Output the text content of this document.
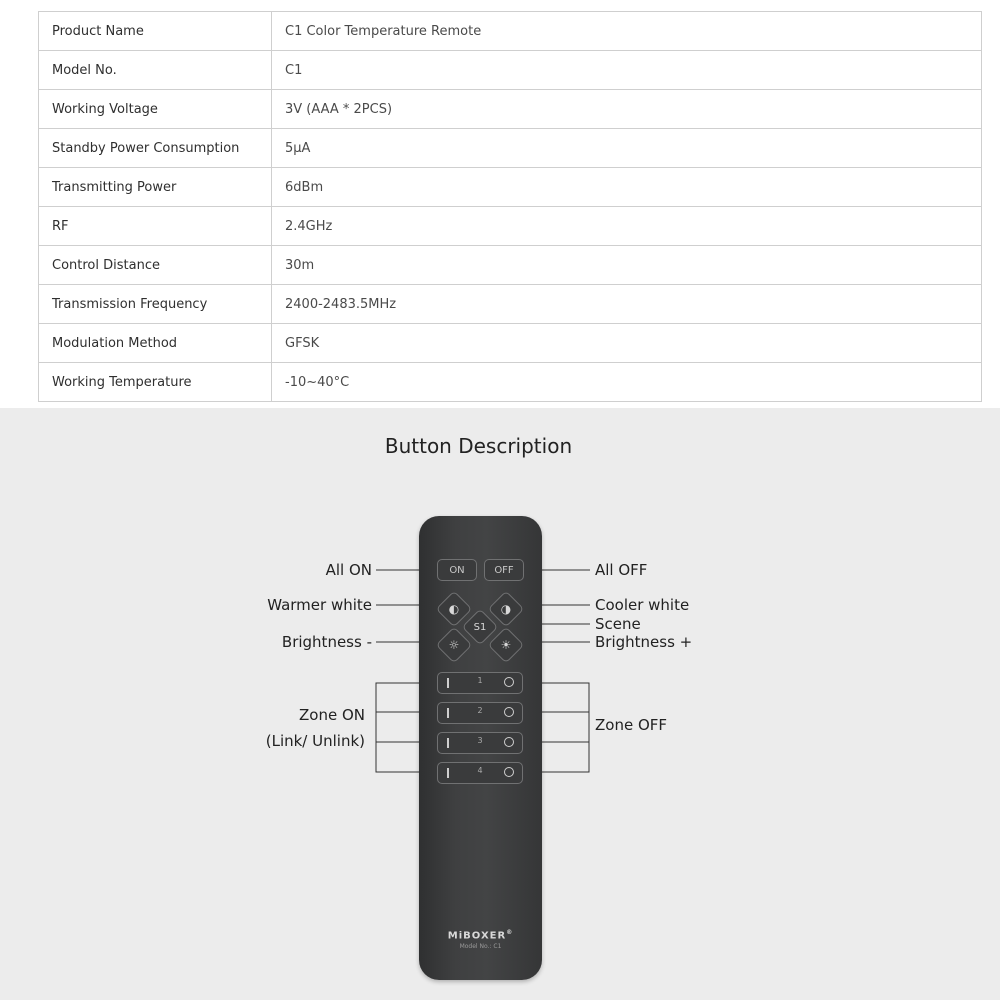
Product Name	C1 Color Temperature Remote
Model No.	C1
Working Voltage	3V (AAA * 2PCS)
Standby Power Consumption	5μA
Transmitting Power	6dBm
RF	2.4GHz
Control Distance	30m
Transmission Frequency	2400-2483.5MHz
Modulation Method	GFSK
Working Temperature	-10~40°C
Button Description
ON	OFF
◐	◑
S1
☼	☀
1
2
3
4
MiBOXER®
Model No.: C1
All ON	All OFF
Warmer white	Cooler white
Scene
Brightness -	Brightness +
Zone ON
(Link/ Unlink)
Zone OFF
